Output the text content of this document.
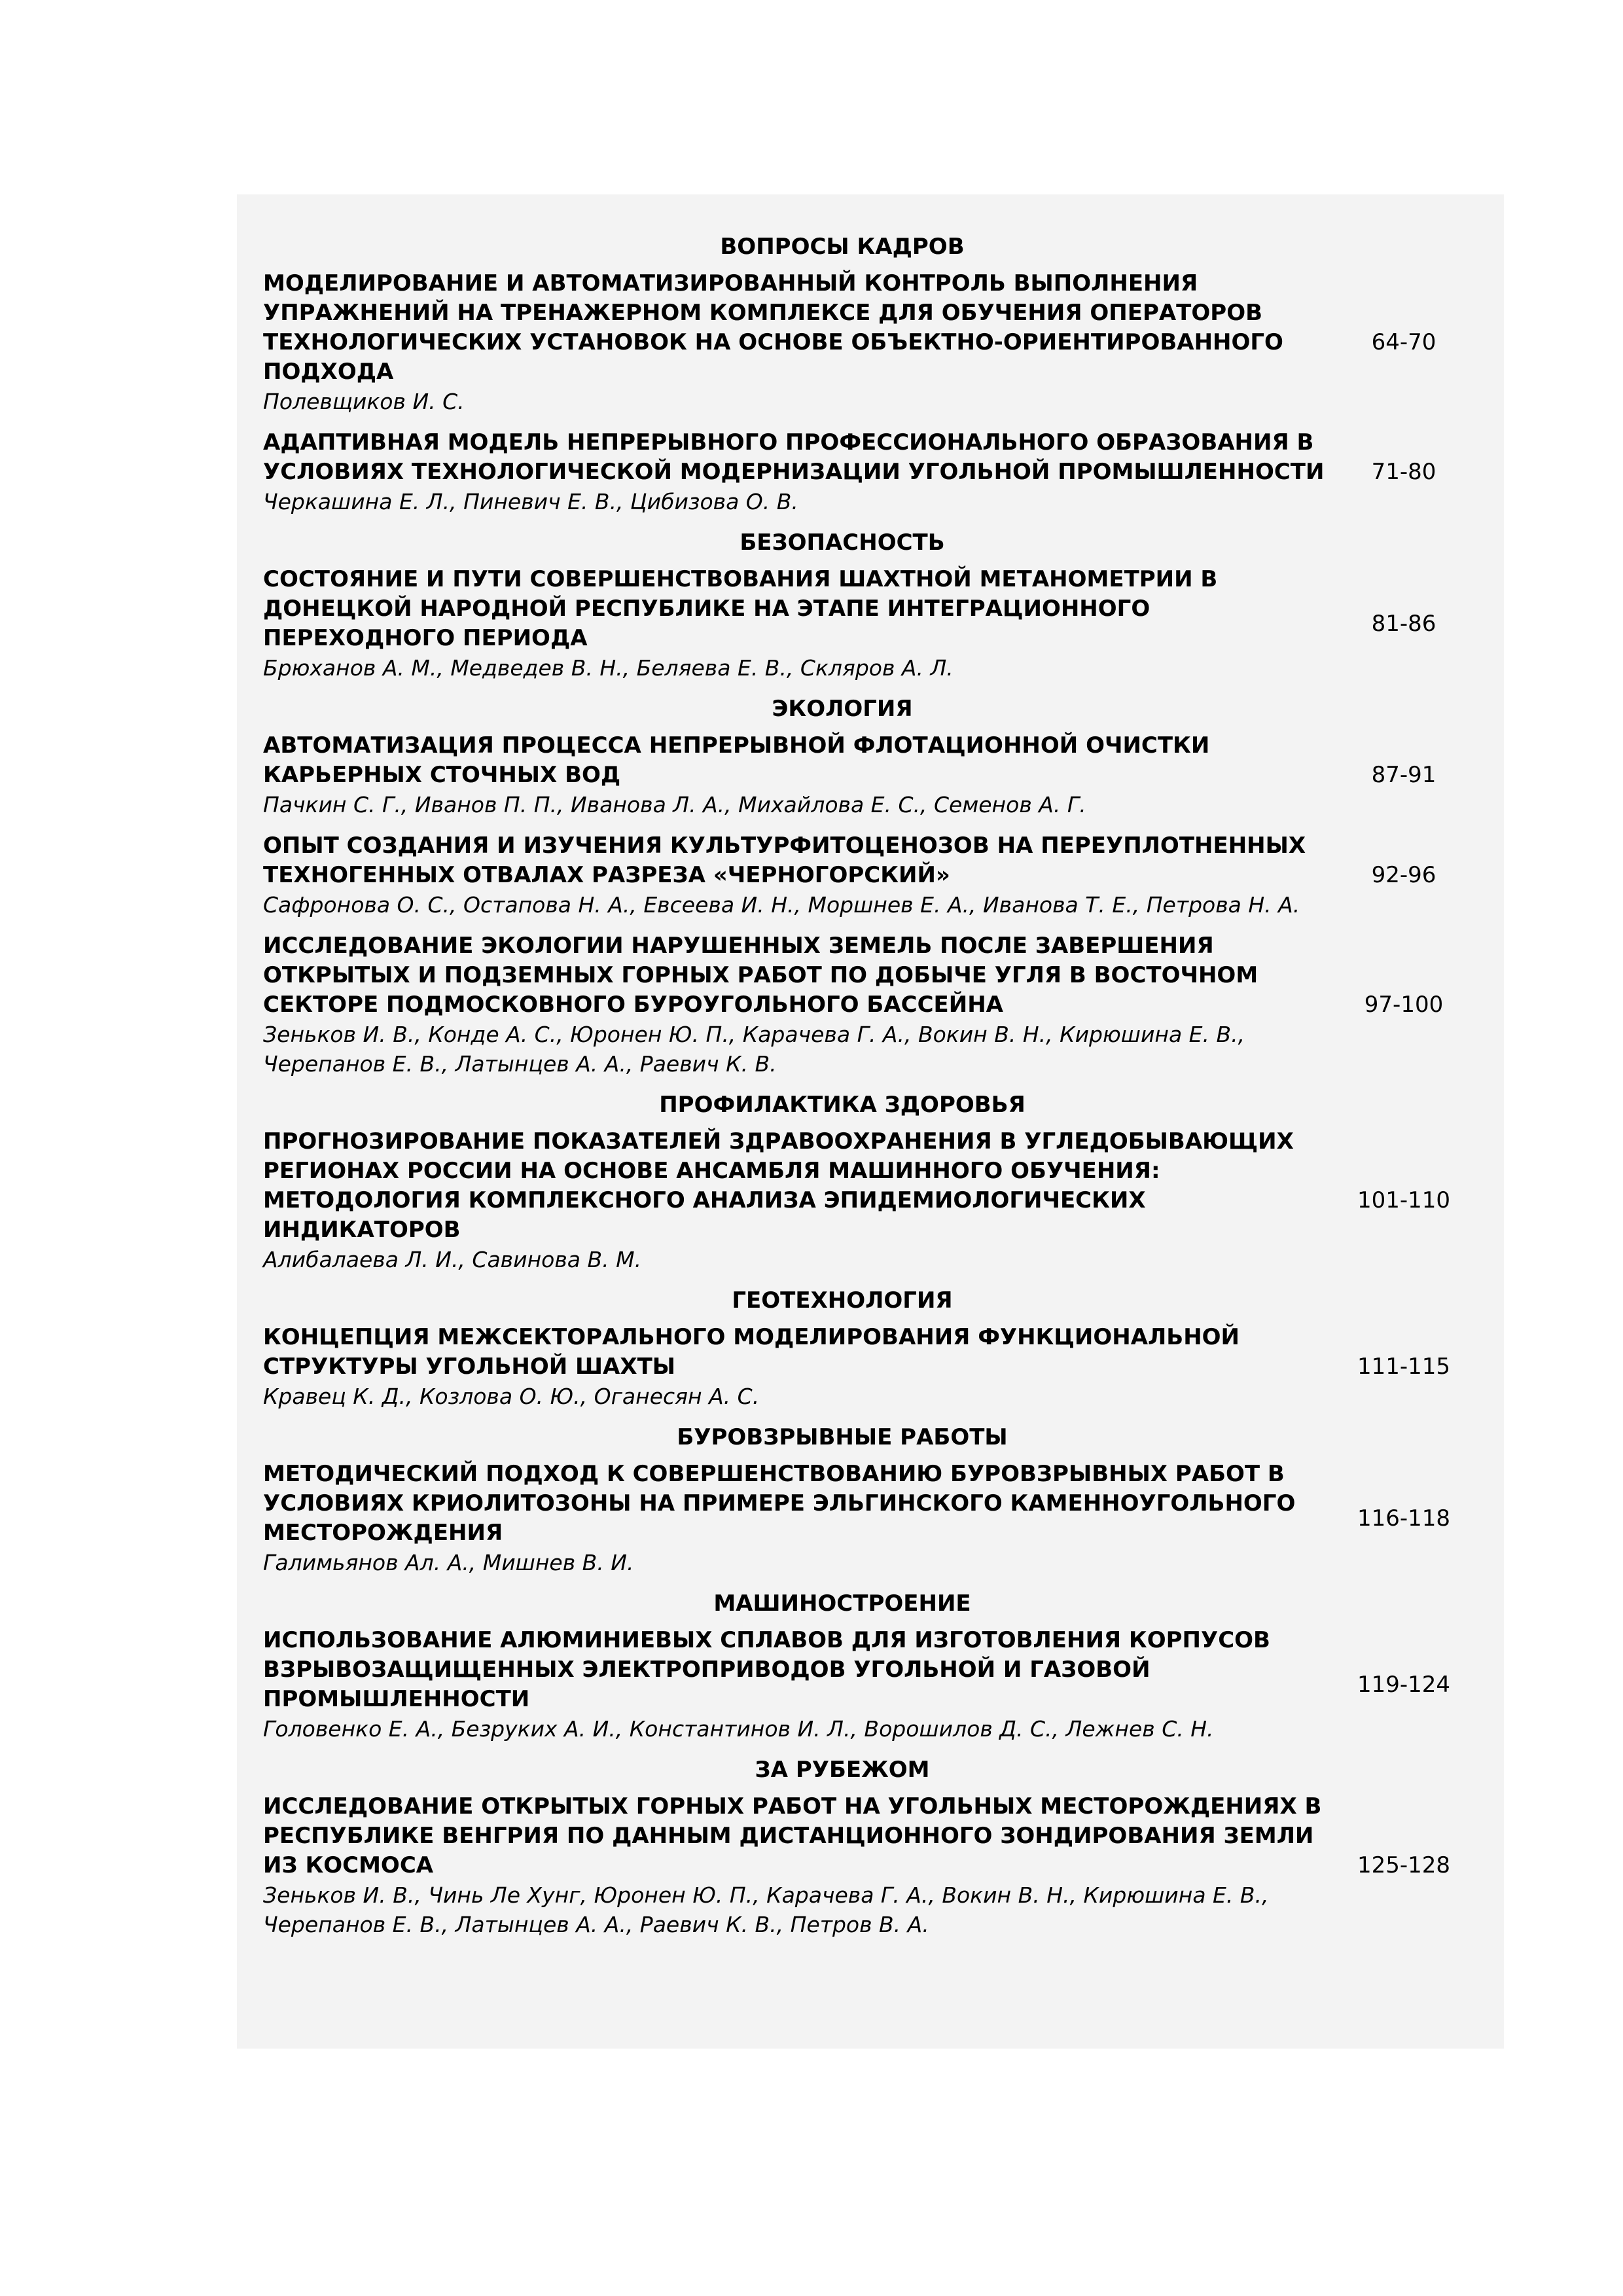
ВОПРОСЫ КАДРОВ
МОДЕЛИРОВАНИЕ И АВТОМАТИЗИРОВАННЫЙ КОНТРОЛЬ ВЫПОЛНЕНИЯ УПРАЖНЕНИЙ НА ТРЕНАЖЕРНОМ КОМПЛЕКСЕ ДЛЯ ОБУЧЕНИЯ ОПЕРАТОРОВ ТЕХНОЛОГИЧЕСКИХ УСТАНОВОК НА ОСНОВЕ ОБЪЕКТНО-ОРИЕНТИРОВАННОГО ПОДХОДА
Полевщиков И. С.
64-70
АДАПТИВНАЯ МОДЕЛЬ НЕПРЕРЫВНОГО ПРОФЕССИОНАЛЬНОГО ОБРАЗОВАНИЯ В УСЛОВИЯХ ТЕХНОЛОГИЧЕСКОЙ МОДЕРНИЗАЦИИ УГОЛЬНОЙ ПРОМЫШЛЕННОСТИ
Черкашина Е. Л., Пиневич Е. В., Цибизова О. В.
71-80
БЕЗОПАСНОСТЬ
СОСТОЯНИЕ И ПУТИ СОВЕРШЕНСТВОВАНИЯ ШАХТНОЙ МЕТАНОМЕТРИИ В ДОНЕЦКОЙ НАРОДНОЙ РЕСПУБЛИКЕ НА ЭТАПЕ ИНТЕГРАЦИОННОГО ПЕРЕХОДНОГО ПЕРИОДА
Брюханов А. М., Медведев В. Н., Беляева Е. В., Скляров А. Л.
81-86
ЭКОЛОГИЯ
АВТОМАТИЗАЦИЯ ПРОЦЕССА НЕПРЕРЫВНОЙ ФЛОТАЦИОННОЙ ОЧИСТКИ КАРЬЕРНЫХ СТОЧНЫХ ВОД
Пачкин С. Г., Иванов П. П., Иванова Л. А., Михайлова Е. С., Семенов А. Г.
87-91
ОПЫТ СОЗДАНИЯ И ИЗУЧЕНИЯ КУЛЬТУРФИТОЦЕНОЗОВ НА ПЕРЕУПЛОТНЕННЫХ ТЕХНОГЕННЫХ ОТВАЛАХ РАЗРЕЗА «ЧЕРНОГОРСКИЙ»
Сафронова О. С., Остапова Н. А., Евсеева И. Н., Моршнев Е. А., Иванова Т. Е., Петрова Н. А.
92-96
ИССЛЕДОВАНИЕ ЭКОЛОГИИ НАРУШЕННЫХ ЗЕМЕЛЬ ПОСЛЕ ЗАВЕРШЕНИЯ ОТКРЫТЫХ И ПОДЗЕМНЫХ ГОРНЫХ РАБОТ ПО ДОБЫЧЕ УГЛЯ В ВОСТОЧНОМ СЕКТОРЕ ПОДМОСКОВНОГО БУРОУГОЛЬНОГО БАССЕЙНА
Зеньков И. В., Конде А. С., Юронен Ю. П., Карачева Г. А., Вокин В. Н., Кирюшина Е. В., Черепанов Е. В., Латынцев А. А., Раевич К. В.
97-100
ПРОФИЛАКТИКА ЗДОРОВЬЯ
ПРОГНОЗИРОВАНИЕ ПОКАЗАТЕЛЕЙ ЗДРАВООХРАНЕНИЯ В УГЛЕДОБЫВАЮЩИХ РЕГИОНАХ РОССИИ НА ОСНОВЕ АНСАМБЛЯ МАШИННОГО ОБУЧЕНИЯ: МЕТОДОЛОГИЯ КОМПЛЕКСНОГО АНАЛИЗА ЭПИДЕМИОЛОГИЧЕСКИХ ИНДИКАТОРОВ
Алибалаева Л. И., Савинова В. М.
101-110
ГЕОТЕХНОЛОГИЯ
КОНЦЕПЦИЯ МЕЖСЕКТОРАЛЬНОГО МОДЕЛИРОВАНИЯ ФУНКЦИОНАЛЬНОЙ СТРУКТУРЫ УГОЛЬНОЙ ШАХТЫ
Кравец К. Д., Козлова О. Ю., Оганесян А. С.
111-115
БУРОВЗРЫВНЫЕ РАБОТЫ
МЕТОДИЧЕСКИЙ ПОДХОД К СОВЕРШЕНСТВОВАНИЮ БУРОВЗРЫВНЫХ РАБОТ В УСЛОВИЯХ КРИОЛИТОЗОНЫ НА ПРИМЕРЕ ЭЛЬГИНСКОГО КАМЕННОУГОЛЬНОГО МЕСТОРОЖДЕНИЯ
Галимьянов Ал. А., Мишнев В. И.
116-118
МАШИНОСТРОЕНИЕ
ИСПОЛЬЗОВАНИЕ АЛЮМИНИЕВЫХ СПЛАВОВ ДЛЯ ИЗГОТОВЛЕНИЯ КОРПУСОВ ВЗРЫВОЗАЩИЩЕННЫХ ЭЛЕКТРОПРИВОДОВ УГОЛЬНОЙ И ГАЗОВОЙ ПРОМЫШЛЕННОСТИ
Головенко Е. А., Безруких А. И., Константинов И. Л., Ворошилов Д. С., Лежнев С. Н.
119-124
ЗА РУБЕЖОМ
ИССЛЕДОВАНИЕ ОТКРЫТЫХ ГОРНЫХ РАБОТ НА УГОЛЬНЫХ МЕСТОРОЖДЕНИЯХ В РЕСПУБЛИКЕ ВЕНГРИЯ ПО ДАННЫМ ДИСТАНЦИОННОГО ЗОНДИРОВАНИЯ ЗЕМЛИ ИЗ КОСМОСА
Зеньков И. В., Чинь Ле Хунг, Юронен Ю. П., Карачева Г. А., Вокин В. Н., Кирюшина Е. В., Черепанов Е. В., Латынцев А. А., Раевич К. В., Петров В. А.
125-128
